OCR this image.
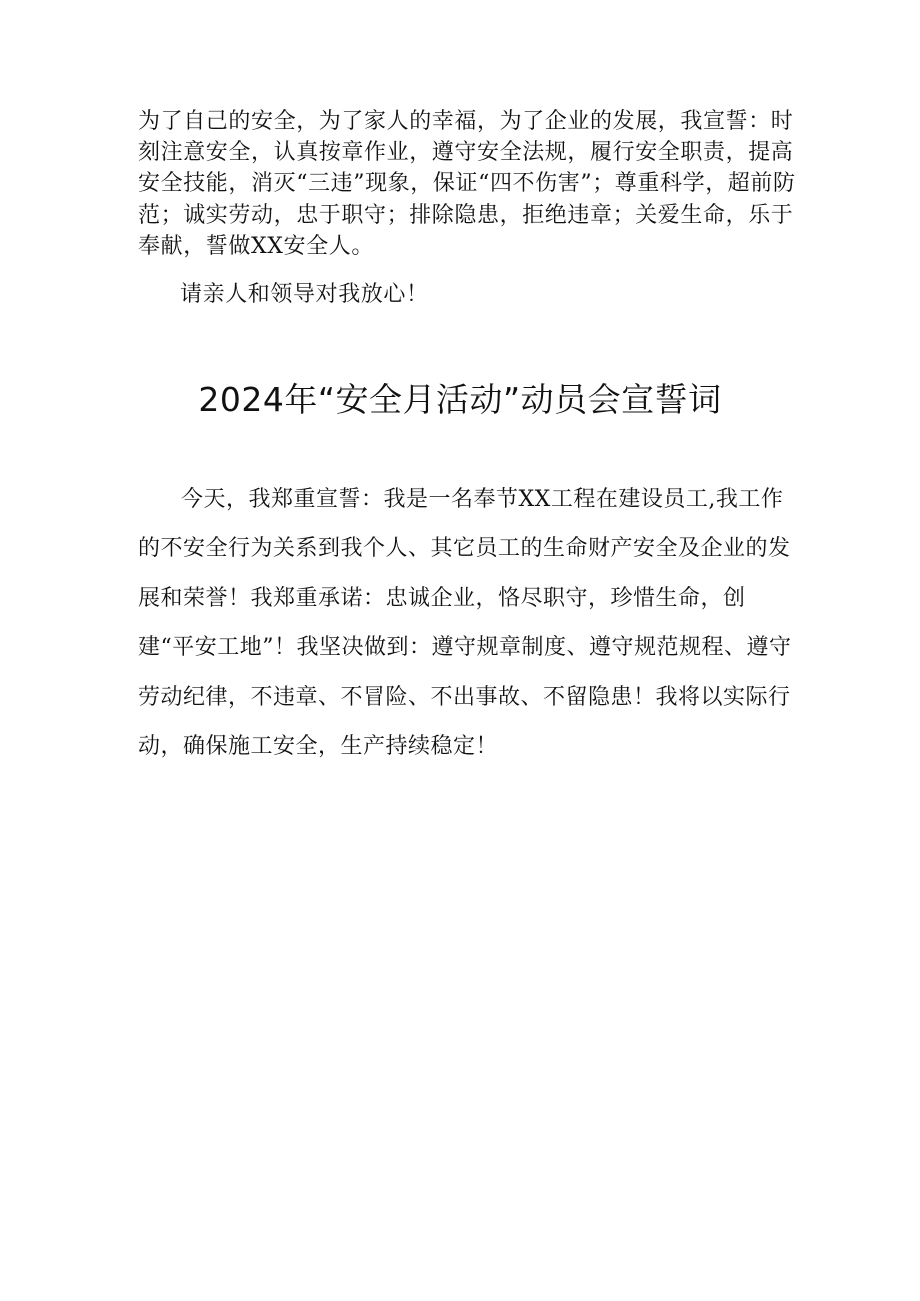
为了自己的安全，为了家人的幸福，为了企业的发展，我宣誓：时刻注意安全，认真按章作业，遵守安全法规，履行安全职责，提高安全技能，消灭“三违”现象，保证“四不伤害”；尊重科学，超前防范；诚实劳动，忠于职守；排除隐患，拒绝违章；关爱生命，乐于奉献，誓做XX安全人。

请亲人和领导对我放心！

2024年“安全月活动”动员会宣誓词

今天，我郑重宣誓：我是一名奉节XX工程在建设员工,我工作的不安全行为关系到我个人、其它员工的生命财产安全及企业的发展和荣誉！我郑重承诺：忠诚企业，恪尽职守，珍惜生命，创建“平安工地”！我坚决做到：遵守规章制度、遵守规范规程、遵守劳动纪律，不违章、不冒险、不出事故、不留隐患！我将以实际行动，确保施工安全，生产持续稳定！
